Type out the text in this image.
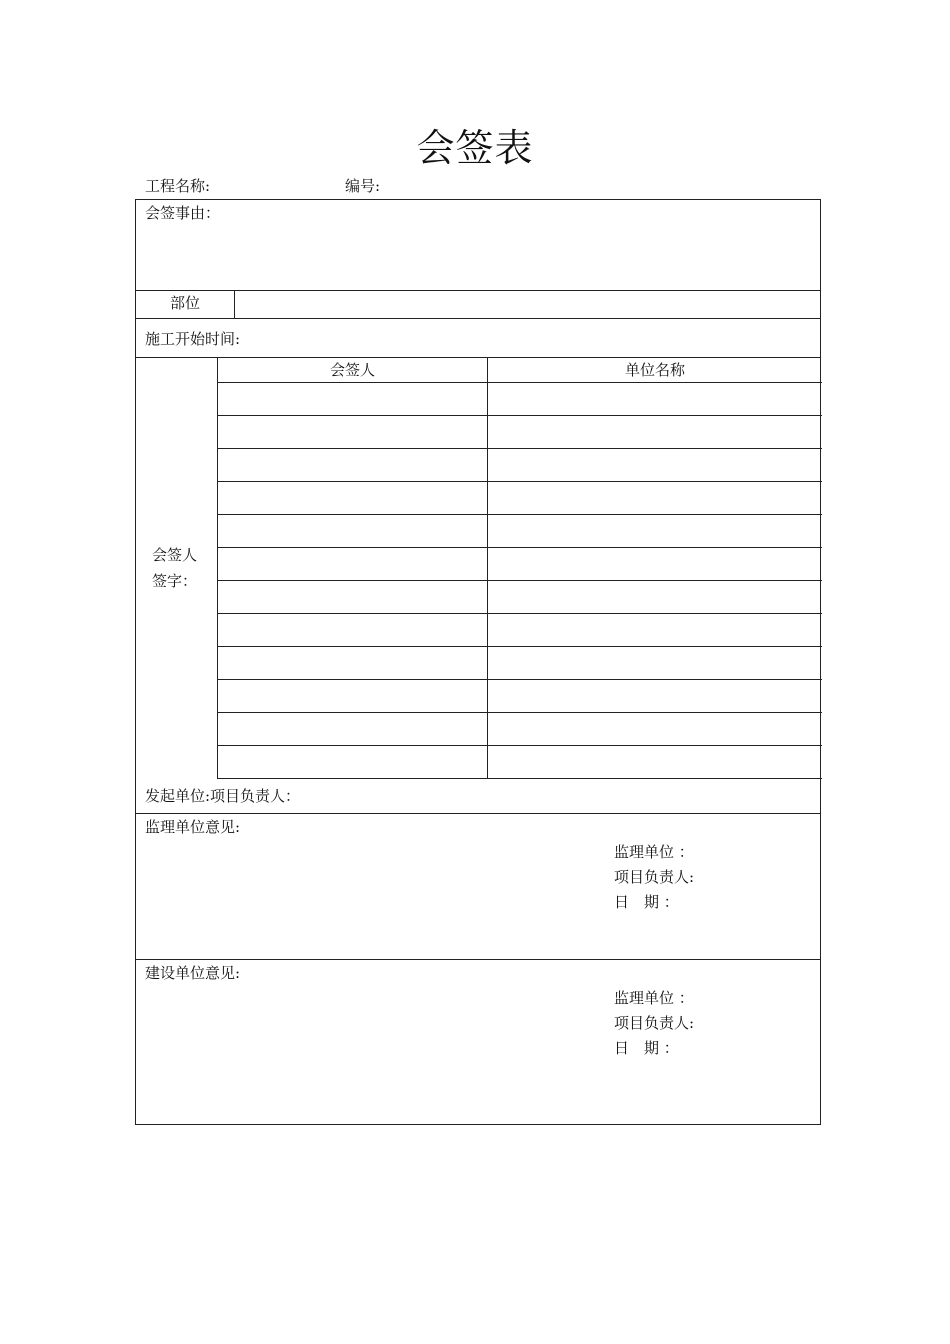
会签表
工程名称:	编号:
会签事由：
部位
施工开始时间:
会签人
签字：
会签人	单位名称
发起单位:项目负责人：
监理单位意见:
监理单位 ：
项目负责人:
日　期 ：
建设单位意见:
监理单位 ：
项目负责人:
日　期 ：
